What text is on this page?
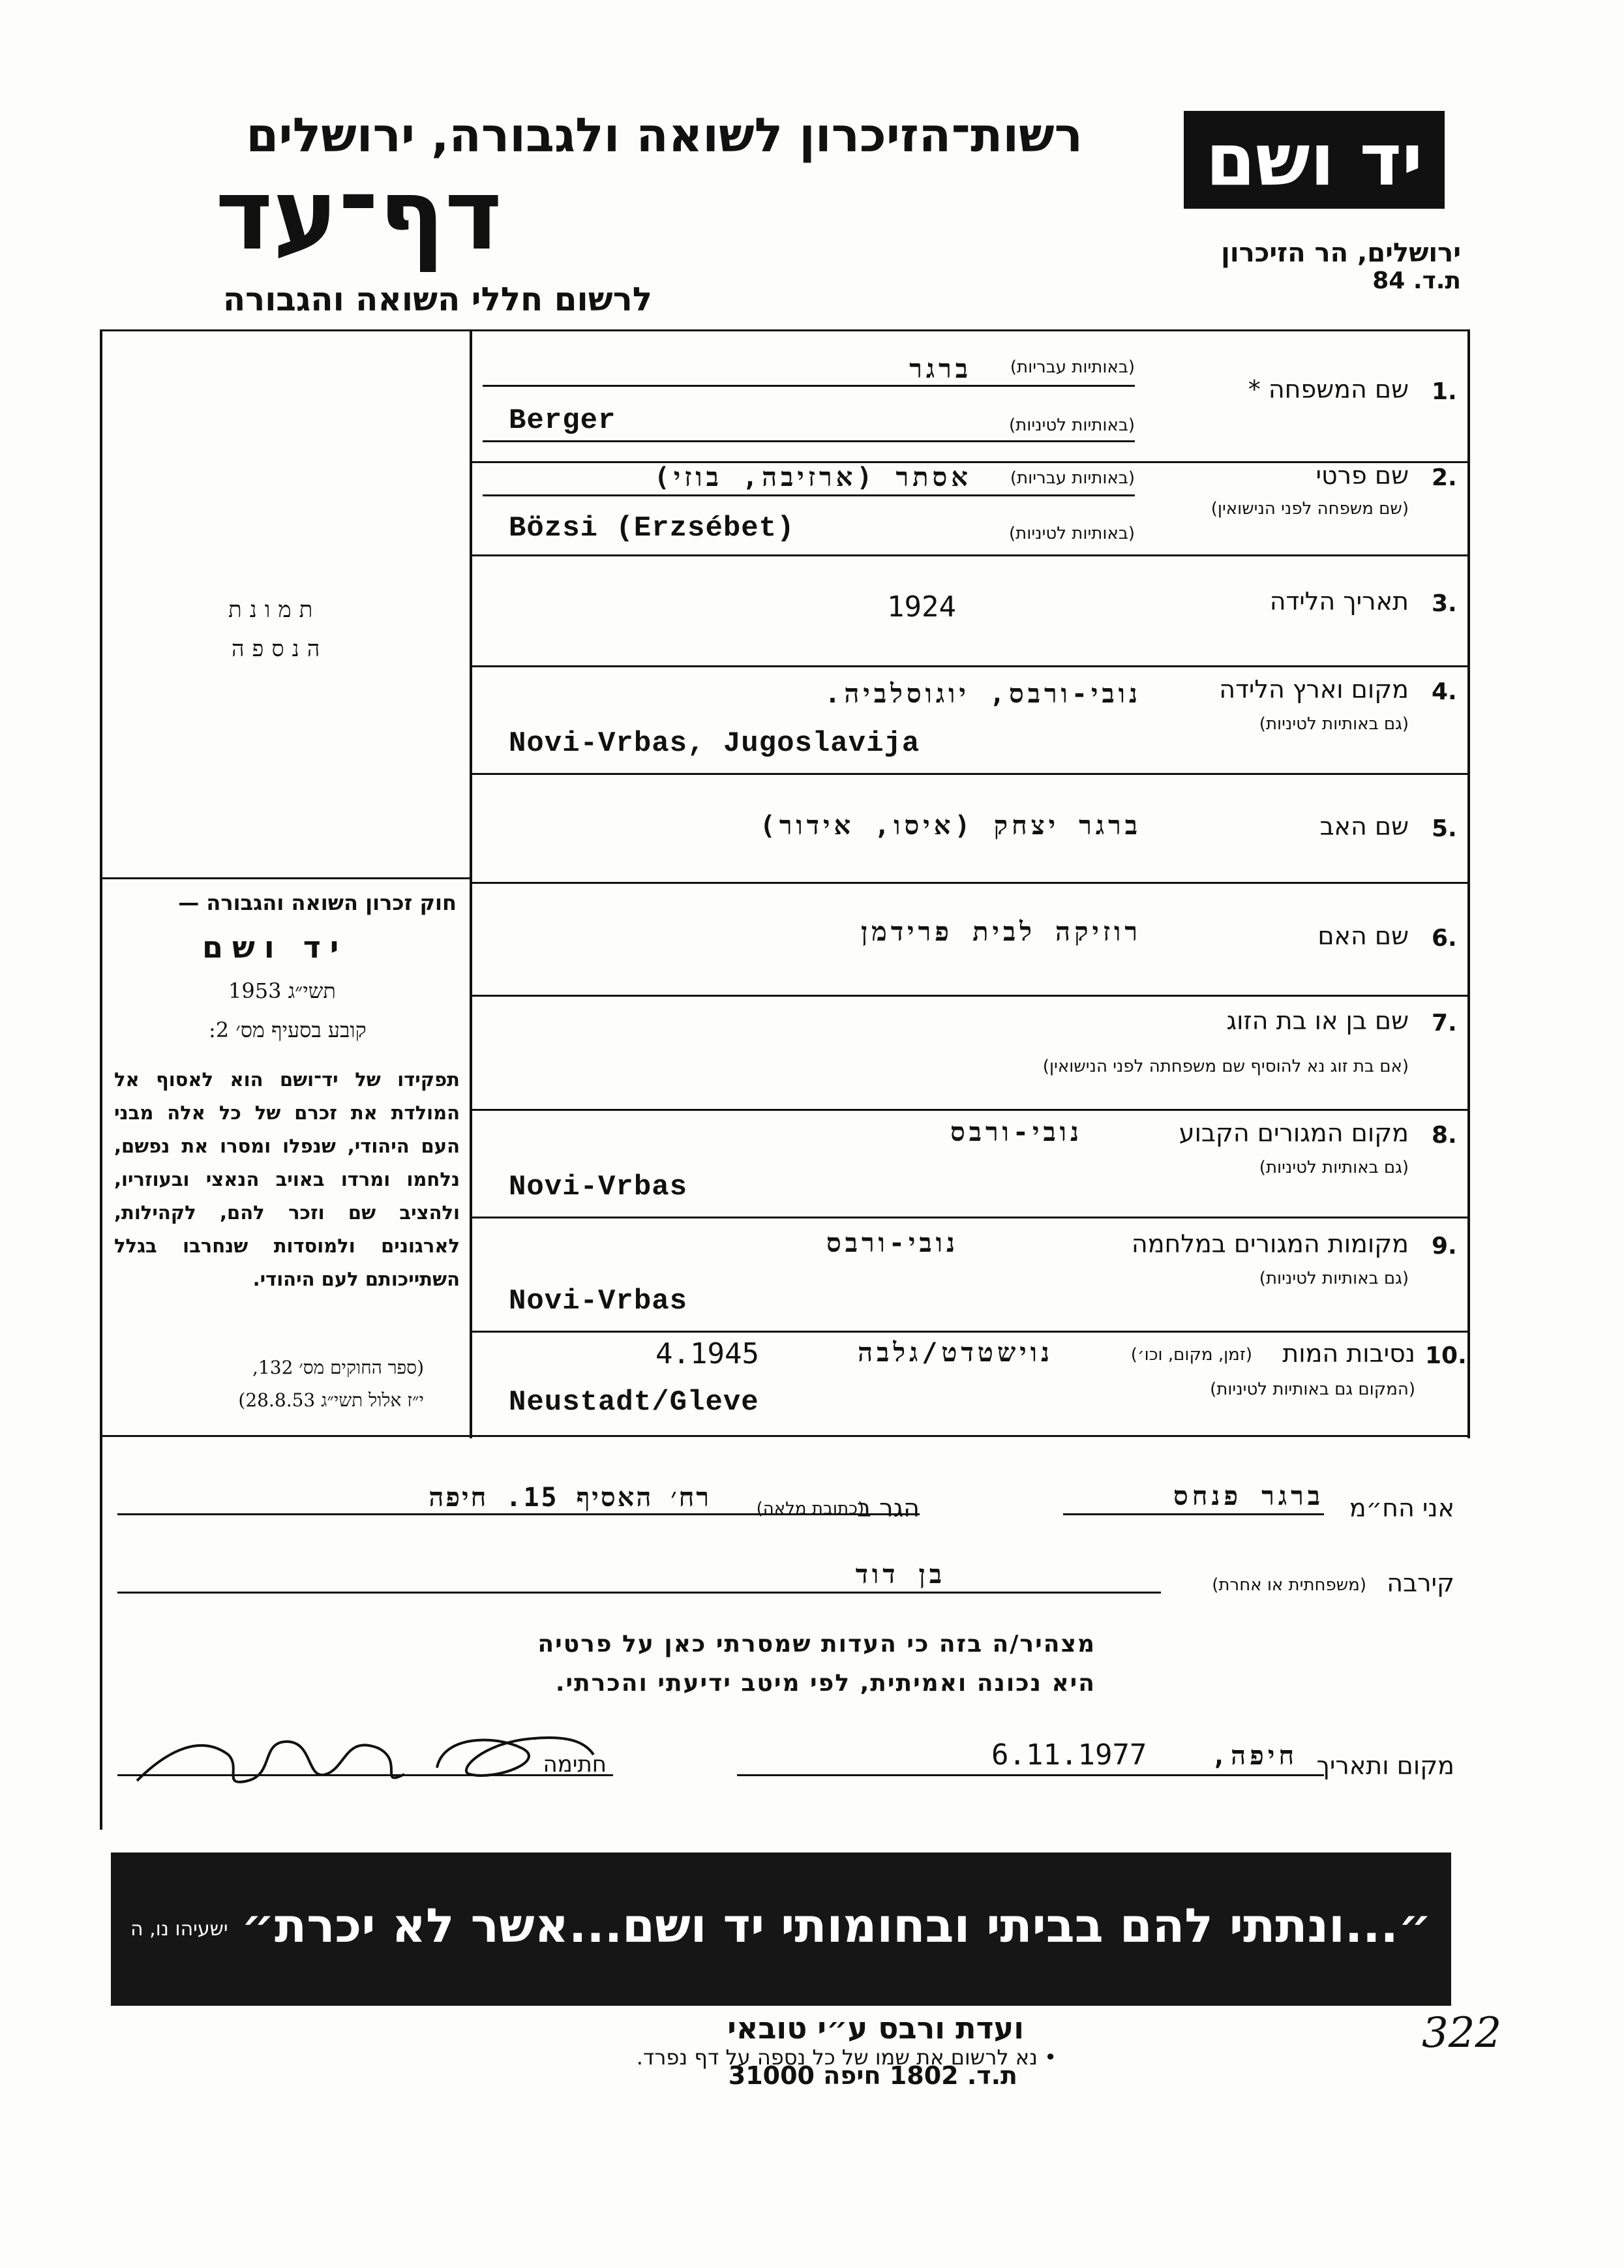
רשות־הזיכרון לשואה ולגבורה, ירושלים
דף־עד
לרשום חללי השואה והגבורה
יד ושם
ירושלים, הר הזיכרון
ת.ד. 84
1.
שם המשפחה *
(באותיות עבריות)
ברגר
(באותיות לטיניות)
Berger
2.
שם פרטי
(שם משפחה לפני הנישואין)
(באותיות עבריות)
אסתר (ארזיבה, בוזי)
(באותיות לטיניות)
Bözsi (Erzsébet)
3.
תאריך הלידה
1924
4.
מקום וארץ הלידה
(גם באותיות לטיניות)
נובי-ורבס, יוגוסלביה.
Novi-Vrbas, Jugoslavija
5.
שם האב
ברגר יצחק (איסו, אידור)
6.
שם האם
רוזיקה לבית פרידמן
7.
שם בן או בת הזוג
(אם בת זוג נא להוסיף שם משפחתה לפני הנישואין)
8.
מקום המגורים הקבוע
(גם באותיות לטיניות)
נובי-ורבס
Novi-Vrbas
9.
מקומות המגורים במלחמה
(גם באותיות לטיניות)
נובי-ורבס
Novi-Vrbas
10.
נסיבות המות
(זמן, מקום, וכו׳)
(המקום גם באותיות לטיניות)
נוישטדט/גלבה
4.1945
Neustadt/Gleve
תמונת
הנספה
חוק זכרון השואה והגבורה —
יד ושם
תשי״ג 1953
קובע בסעיף מס׳ 2:
תפקידו של יד־ושם הוא לאסוף אל המולדת את זכרם של כל אלה מבני העם היהודי, שנפלו ומסרו את נפשם, נלחמו ומרדו באויב הנאצי ובעוזריו, ולהציב שם וזכר להם, לקהילות, לארגונים ולמוסדות שנחרבו בגלל השתייכותם לעם היהודי.
(ספר החוקים מס׳ 132,
י״ז אלול תשי״ג 28.8.53)
אני הח״מ
ברגר פנחס
הגר ב
(כתובת מלאה)
רח׳ האסיף 15. חיפה
קירבה
(משפחתית או אחרת)
בן דוד
מצהיר/ה בזה כי העדות שמסרתי כאן על פרטיה
היא נכונה ואמיתית, לפי מיטב ידיעתי והכרתי.
מקום ותאריך
חיפה,
6.11.1977
חתימה
״...ונתתי להם בביתי ובחומותי יד ושם...אשר לא יכרת״
ישעיהו נו, ה
ועדת ורבס ע״י טובאי
• נא לרשום את שמו של כל נספה על דף נפרד.
ת.ד. 1802 חיפה 31000
322
